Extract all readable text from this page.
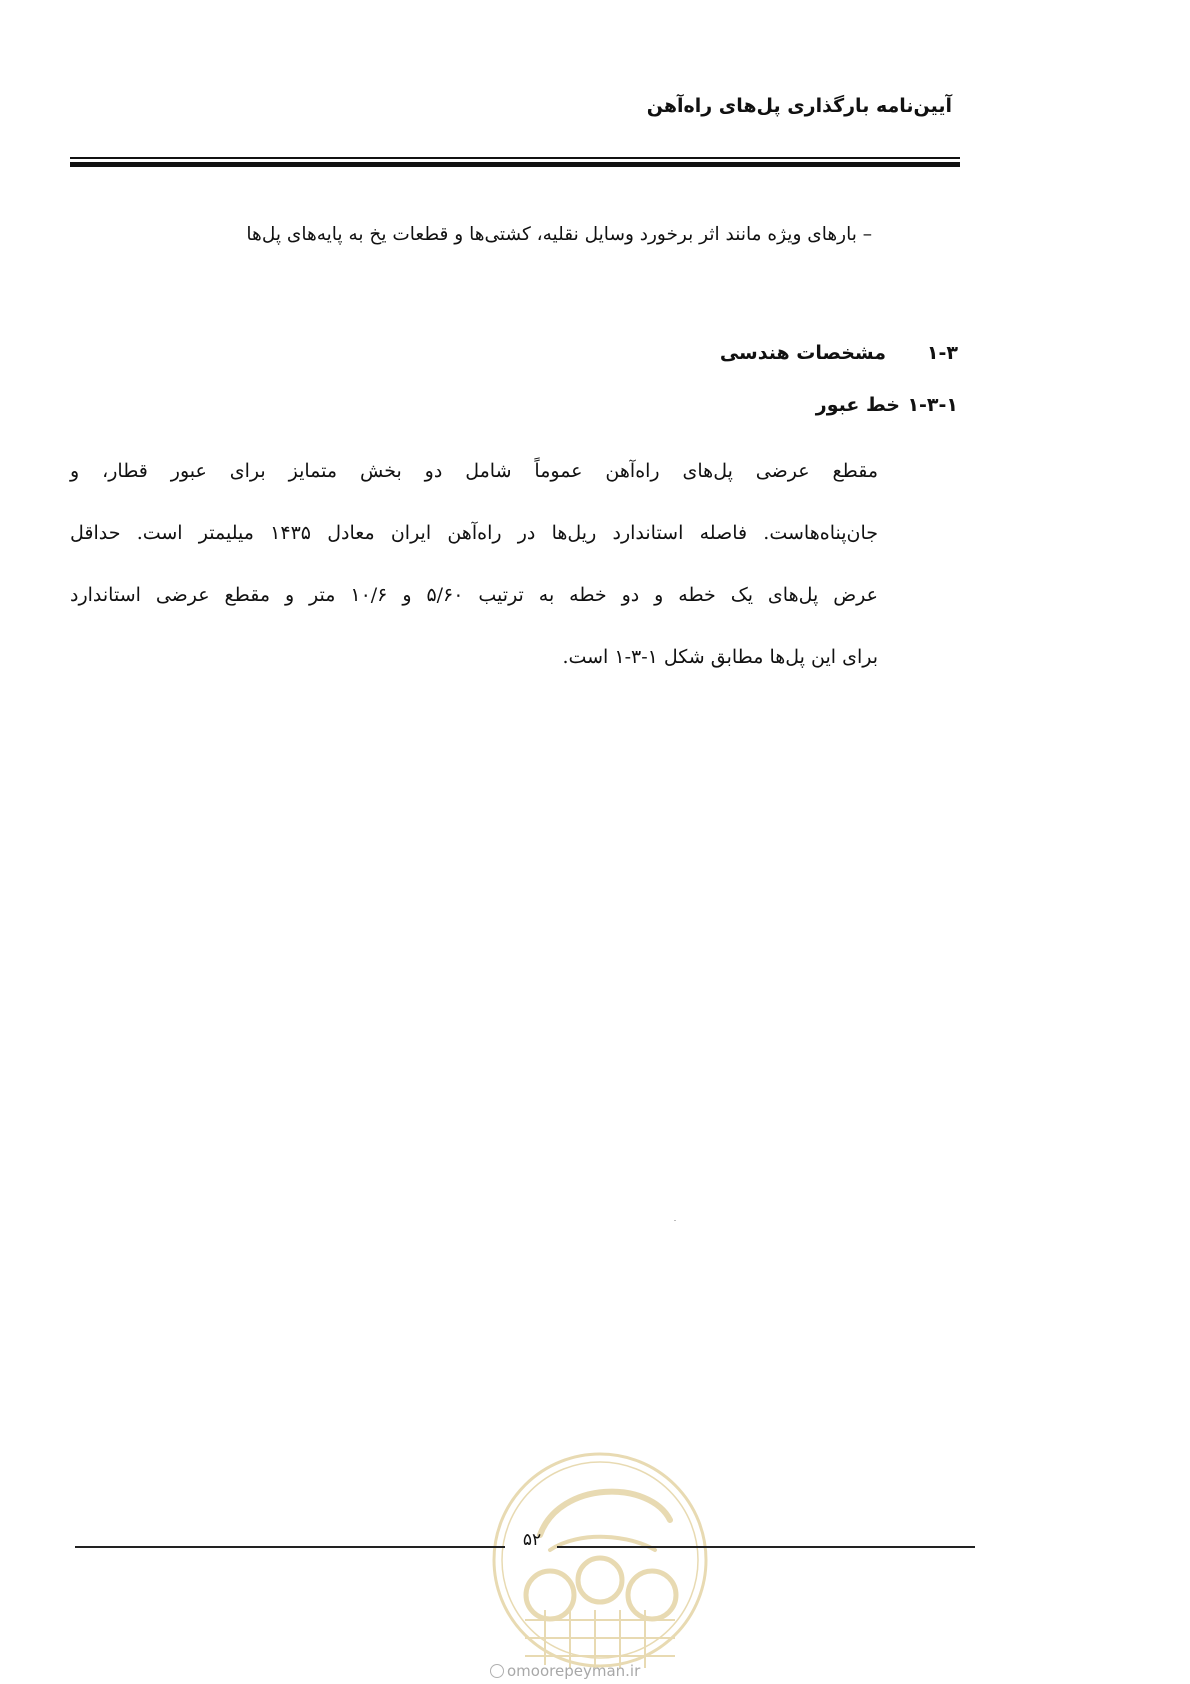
آیین‌نامه بارگذاری پل‌های راه‌آهن
– بارهای ویژه مانند اثر برخورد وسایل نقلیه، کشتی‌ها و قطعات یخ به پایه‌های پل‌ها
۱-۳
مشخصات هندسی
۱-۳-۱
خط عبور
مقطع عرضی پل‌های راه‌آهن عموماً شامل دو بخش متمایز برای عبور قطار، و
جان‌پناه‌هاست. فاصله استاندارد ریل‌ها در راه‌آهن ایران معادل ۱۴۳۵ میلیمتر است. حداقل
عرض پل‌های یک خطه و دو خطه به ترتیب ۵/۶۰ و ۱۰/۶ متر و مقطع عرضی استاندارد
برای این پل‌ها مطابق شکل ۱-۳-۱ است.
۵۲
omoorepeyman.ir
